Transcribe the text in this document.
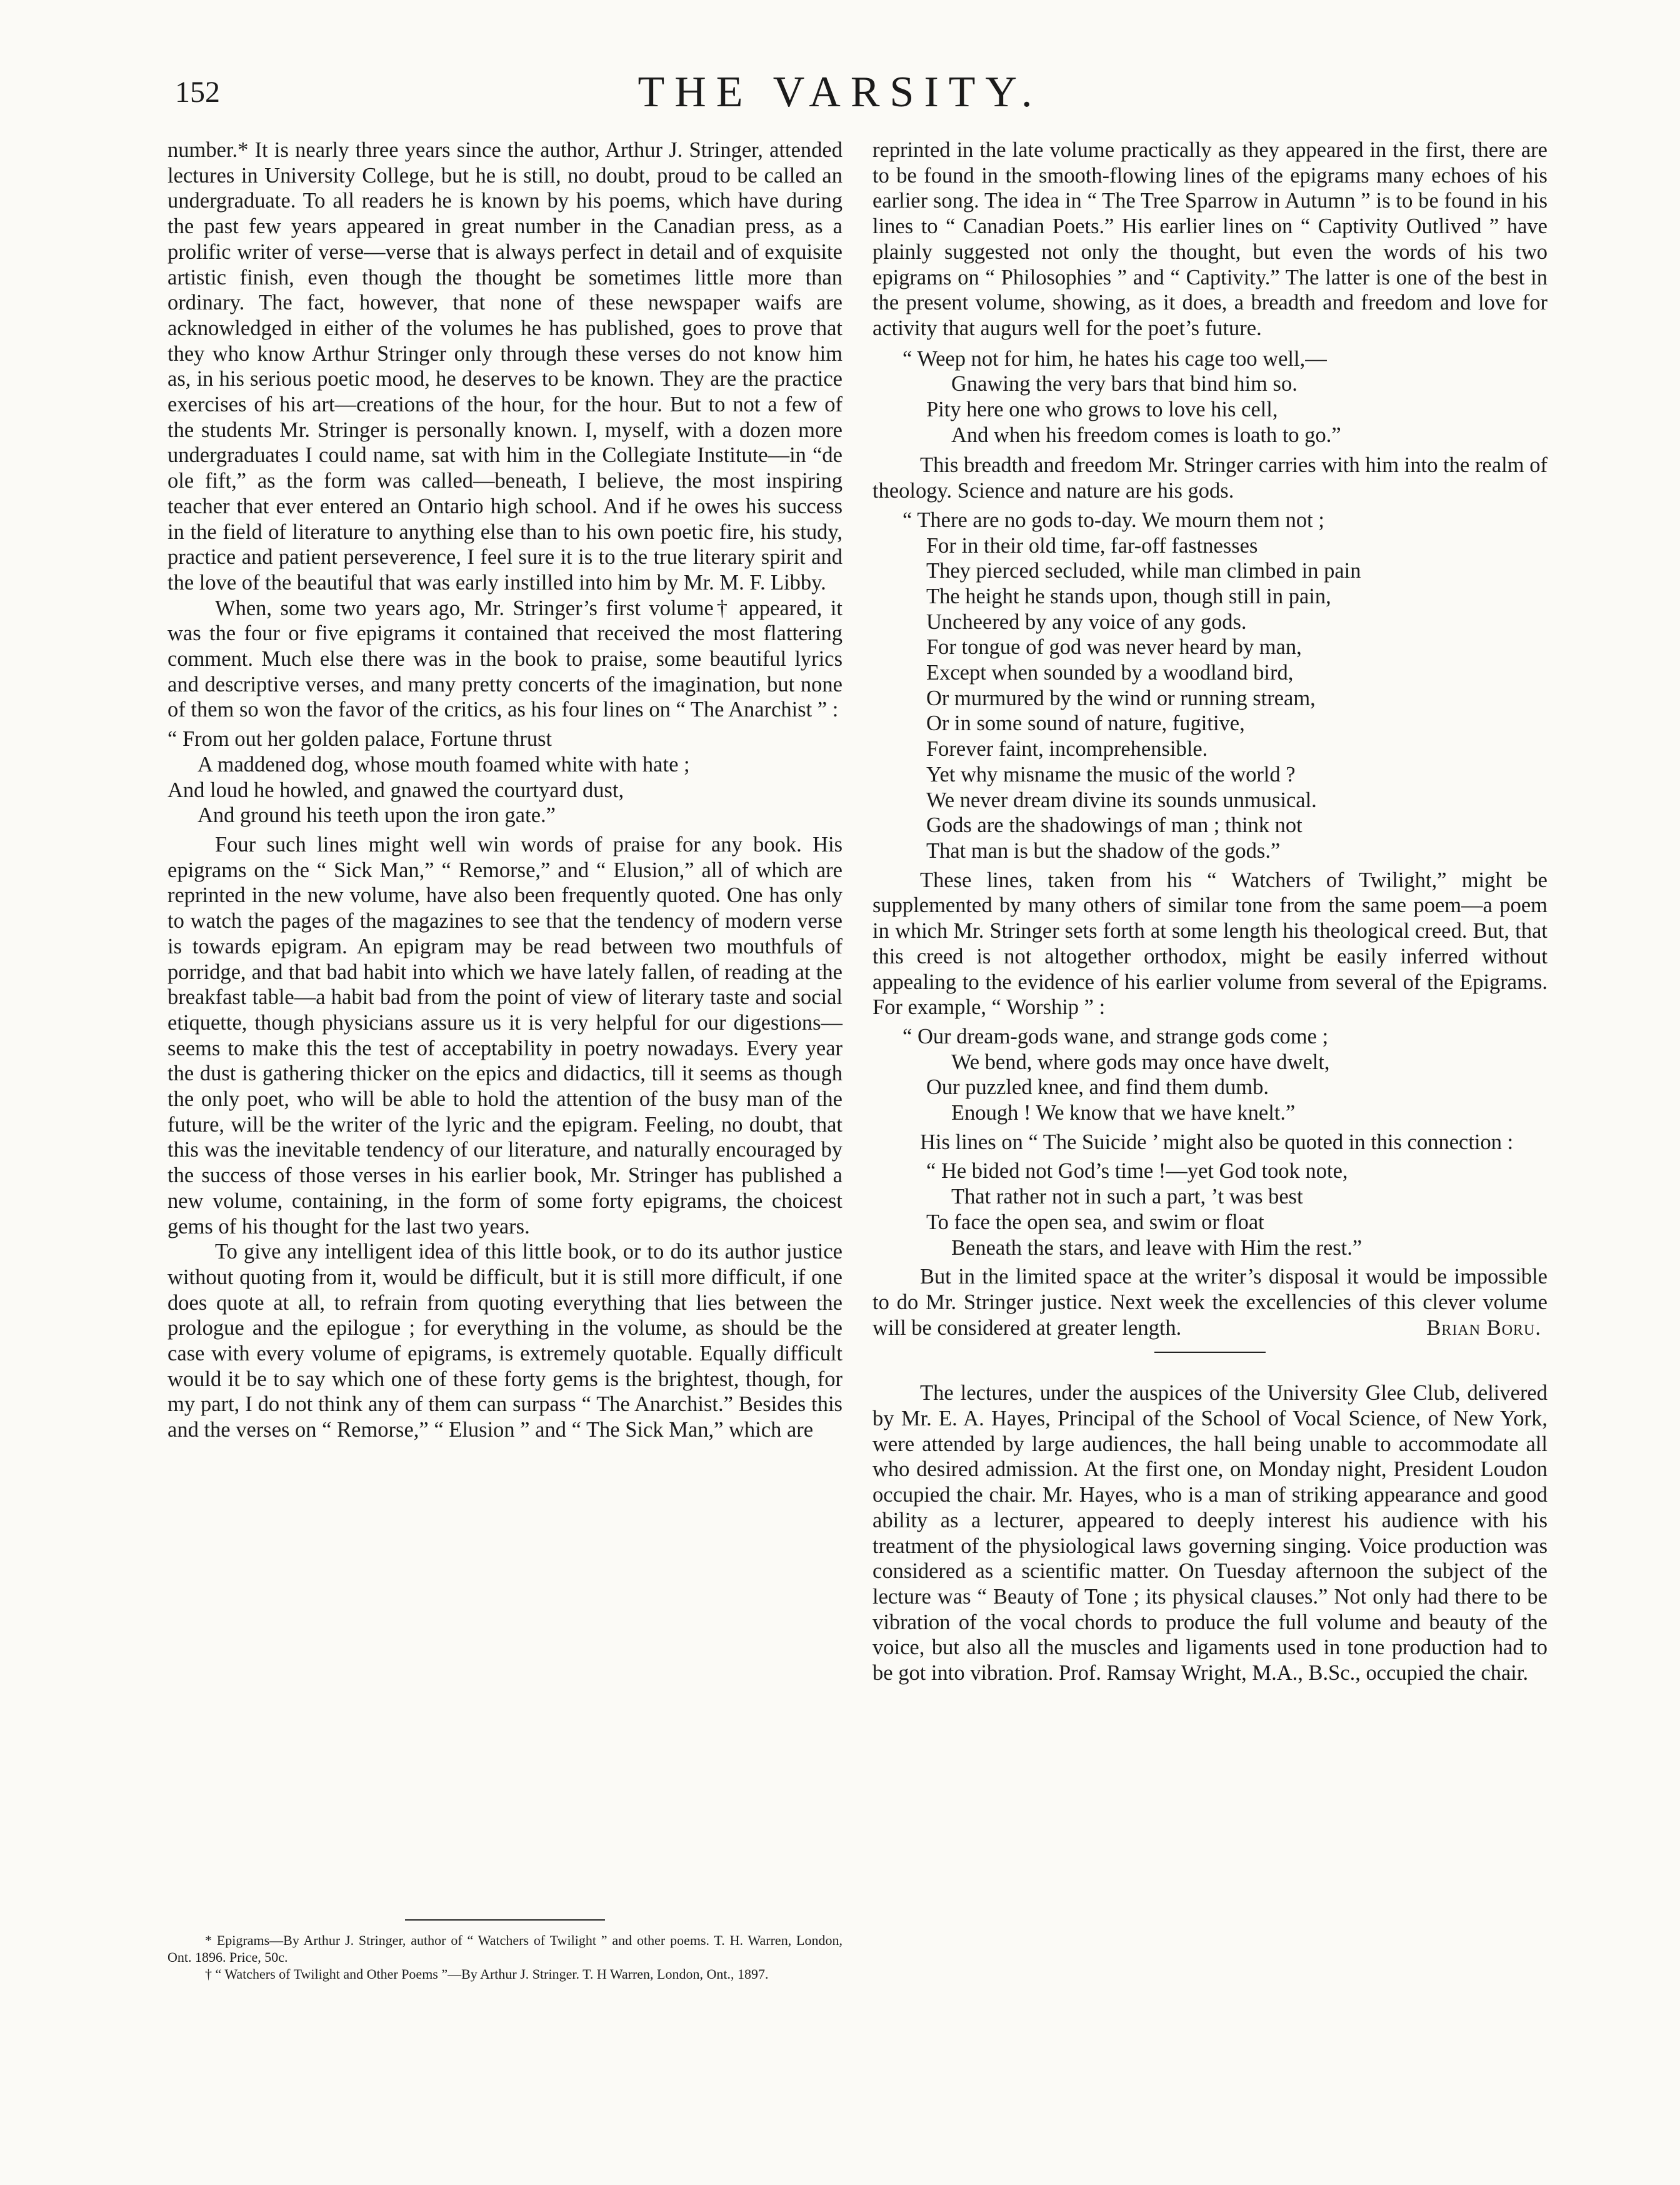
152	THE VARSITY.

number.* It is nearly three years since the author, Arthur J. Stringer, attended lectures in University College, but he is still, no doubt, proud to be called an undergraduate. To all readers he is known by his poems, which have during the past few years appeared in great number in the Canadian press, as a prolific writer of verse—verse that is always perfect in detail and of exquisite artistic finish, even though the thought be sometimes little more than ordinary. The fact, however, that none of these newspaper waifs are acknowledged in either of the volumes he has published, goes to prove that they who know Arthur Stringer only through these verses do not know him as, in his serious poetic mood, he deserves to be known. They are the practice exercises of his art—creations of the hour, for the hour. But to not a few of the students Mr. Stringer is personally known. I, myself, with a dozen more undergraduates I could name, sat with him in the Collegiate Institute—in “de ole fift,” as the form was called—beneath, I believe, the most inspiring teacher that ever entered an Ontario high school. And if he owes his success in the field of literature to anything else than to his own poetic fire, his study, practice and patient perseverence, I feel sure it is to the true literary spirit and the love of the beautiful that was early instilled into him by Mr. M. F. Libby.

When, some two years ago, Mr. Stringer’s first volume† appeared, it was the four or five epigrams it contained that received the most flattering comment. Much else there was in the book to praise, some beautiful lyrics and descriptive verses, and many pretty concerts of the imagination, but none of them so won the favor of the critics, as his four lines on “ The Anarchist ” :

“ From out her golden palace, Fortune thrust
A maddened dog, whose mouth foamed white with hate ;
And loud he howled, and gnawed the courtyard dust,
And ground his teeth upon the iron gate.”

Four such lines might well win words of praise for any book. His epigrams on the “ Sick Man,” “ Remorse,” and “ Elusion,” all of which are reprinted in the new volume, have also been frequently quoted. One has only to watch the pages of the magazines to see that the tendency of modern verse is towards epigram. An epigram may be read between two mouthfuls of porridge, and that bad habit into which we have lately fallen, of reading at the breakfast table—a habit bad from the point of view of literary taste and social etiquette, though physicians assure us it is very helpful for our digestions—seems to make this the test of acceptability in poetry nowadays. Every year the dust is gathering thicker on the epics and didactics, till it seems as though the only poet, who will be able to hold the attention of the busy man of the future, will be the writer of the lyric and the epigram. Feeling, no doubt, that this was the inevitable tendency of our literature, and naturally encouraged by the success of those verses in his earlier book, Mr. Stringer has published a new volume, containing, in the form of some forty epigrams, the choicest gems of his thought for the last two years.

To give any intelligent idea of this little book, or to do its author justice without quoting from it, would be difficult, but it is still more difficult, if one does quote at all, to refrain from quoting everything that lies between the prologue and the epilogue ; for everything in the volume, as should be the case with every volume of epigrams, is extremely quotable. Equally difficult would it be to say which one of these forty gems is the brightest, though, for my part, I do not think any of them can surpass “ The Anarchist.” Besides this and the verses on “ Remorse,” “ Elusion ” and “ The Sick Man,” which are

reprinted in the late volume practically as they appeared in the first, there are to be found in the smooth-flowing lines of the epigrams many echoes of his earlier song. The idea in “ The Tree Sparrow in Autumn ” is to be found in his lines to “ Canadian Poets.” His earlier lines on “ Captivity Outlived ” have plainly suggested not only the thought, but even the words of his two epigrams on “ Philosophies ” and “ Captivity.” The latter is one of the best in the present volume, showing, as it does, a breadth and freedom and love for activity that augurs well for the poet’s future.

“ Weep not for him, he hates his cage too well,—
Gnawing the very bars that bind him so.
Pity here one who grows to love his cell,
And when his freedom comes is loath to go.”

This breadth and freedom Mr. Stringer carries with him into the realm of theology. Science and nature are his gods.

“ There are no gods to-day. We mourn them not ;
For in their old time, far-off fastnesses
They pierced secluded, while man climbed in pain
The height he stands upon, though still in pain,
Uncheered by any voice of any gods.
For tongue of god was never heard by man,
Except when sounded by a woodland bird,
Or murmured by the wind or running stream,
Or in some sound of nature, fugitive,
Forever faint, incomprehensible.
Yet why misname the music of the world ?
We never dream divine its sounds unmusical.
Gods are the shadowings of man ; think not
That man is but the shadow of the gods.”

These lines, taken from his “ Watchers of Twilight,” might be supplemented by many others of similar tone from the same poem—a poem in which Mr. Stringer sets forth at some length his theological creed. But, that this creed is not altogether orthodox, might be easily inferred without appealing to the evidence of his earlier volume from several of the Epigrams. For example, “ Worship ” :

“ Our dream-gods wane, and strange gods come ;
We bend, where gods may once have dwelt,
Our puzzled knee, and find them dumb.
Enough ! We know that we have knelt.”

His lines on “ The Suicide ’ might also be quoted in this connection :

“ He bided not God’s time !—yet God took note,
That rather not in such a part, ’t was best
To face the open sea, and swim or float
Beneath the stars, and leave with Him the rest.”

But in the limited space at the writer’s disposal it would be impossible to do Mr. Stringer justice. Next week the excellencies of this clever volume will be considered at greater length.	Brian Boru.

The lectures, under the auspices of the University Glee Club, delivered by Mr. E. A. Hayes, Principal of the School of Vocal Science, of New York, were attended by large audiences, the hall being unable to accommodate all who desired admission. At the first one, on Monday night, President Loudon occupied the chair. Mr. Hayes, who is a man of striking appearance and good ability as a lecturer, appeared to deeply interest his audience with his treatment of the physiological laws governing singing. Voice production was considered as a scientific matter. On Tuesday afternoon the subject of the lecture was “ Beauty of Tone ; its physical clauses.” Not only had there to be vibration of the vocal chords to produce the full volume and beauty of the voice, but also all the muscles and ligaments used in tone production had to be got into vibration. Prof. Ramsay Wright, M.A., B.Sc., occupied the chair.

* Epigrams—By Arthur J. Stringer, author of “ Watchers of Twilight ” and other poems. T. H. Warren, London, Ont. 1896. Price, 50c.

† “ Watchers of Twilight and Other Poems ”—By Arthur J. Stringer. T. H Warren, London, Ont., 1897.
